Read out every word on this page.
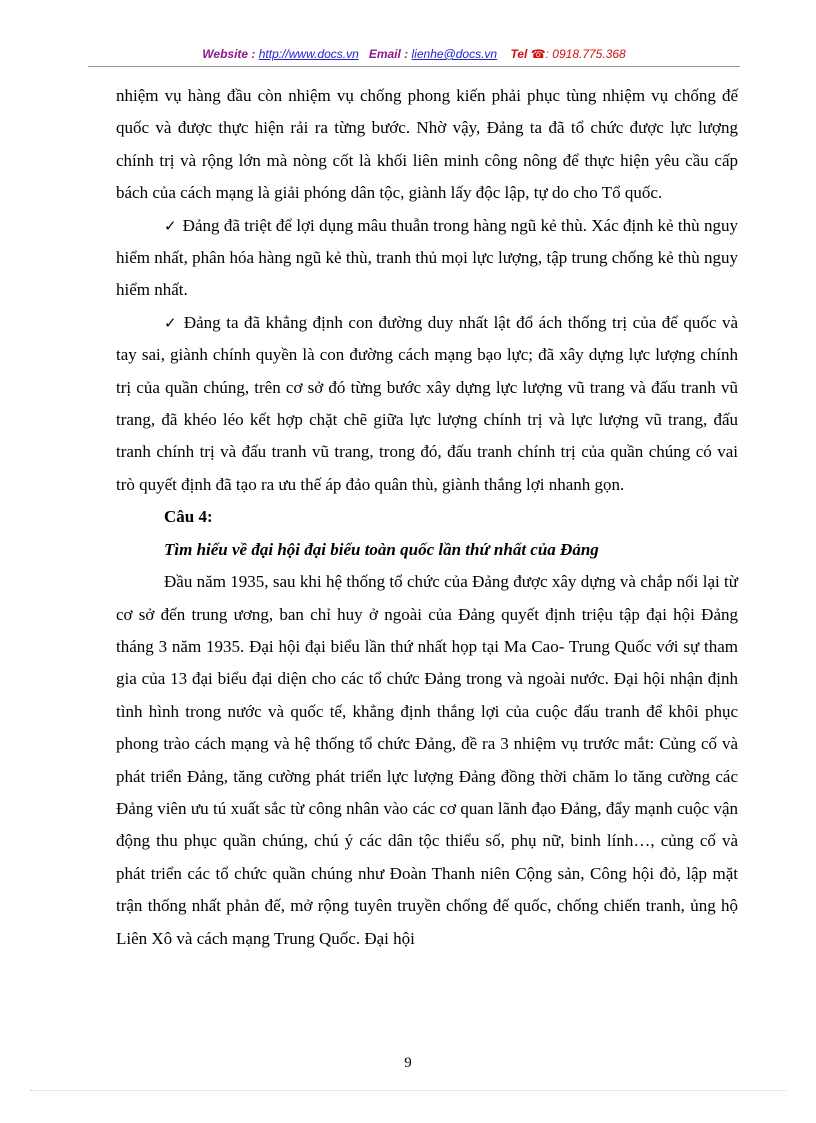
Website : http://www.docs.vn Email : lienhe@docs.vn Tel ☎: 0918.775.368

nhiệm vụ hàng đầu còn nhiệm vụ chống phong kiến phải phục tùng nhiệm vụ chống đế quốc và được thực hiện rải ra từng bước. Nhờ vậy, Đảng ta đã tổ chức được lực lượng chính trị và rộng lớn mà nòng cốt là khối liên minh công nông để thực hiện yêu cầu cấp bách của cách mạng là giải phóng dân tộc, giành lấy độc lập, tự do cho Tổ quốc.

✓ Đảng đã triệt để lợi dụng mâu thuẫn trong hàng ngũ kẻ thù. Xác định kẻ thù nguy hiểm nhất, phân hóa hàng ngũ kẻ thù, tranh thủ mọi lực lượng, tập trung chống kẻ thù nguy hiểm nhất.

✓ Đảng ta đã khẳng định con đường duy nhất lật đổ ách thống trị của đế quốc và tay sai, giành chính quyền là con đường cách mạng bạo lực; đã xây dựng lực lượng chính trị của quần chúng, trên cơ sở đó từng bước xây dựng lực lượng vũ trang và đấu tranh vũ trang, đã khéo léo kết hợp chặt chẽ giữa lực lượng chính trị và lực lượng vũ trang, đấu tranh chính trị và đấu tranh vũ trang, trong đó, đấu tranh chính trị của quần chúng có vai trò quyết định đã tạo ra ưu thế áp đảo quân thù, giành thắng lợi nhanh gọn.

Câu 4:

Tìm hiểu về đại hội đại biểu toàn quốc lần thứ nhất của Đảng

Đầu năm 1935, sau khi hệ thống tổ chức của Đảng được xây dựng và chắp nối lại từ cơ sở đến trung ương, ban chỉ huy ở ngoài của Đảng quyết định triệu tập đại hội Đảng tháng 3 năm 1935. Đại hội đại biểu lần thứ nhất họp tại Ma Cao- Trung Quốc với sự tham gia của 13 đại biểu đại diện cho các tổ chức Đảng trong và ngoài nước. Đại hội nhận định tình hình trong nước và quốc tế, khẳng định thắng lợi của cuộc đấu tranh để khôi phục phong trào cách mạng và hệ thống tổ chức Đảng, đề ra 3 nhiệm vụ trước mắt: Củng cố và phát triển Đảng, tăng cường phát triển lực lượng Đảng đồng thời chăm lo tăng cường các Đảng viên ưu tú xuất sắc từ công nhân vào các cơ quan lãnh đạo Đảng, đẩy mạnh cuộc vận động thu phục quần chúng, chú ý các dân tộc thiểu số, phụ nữ, binh lính…, củng cố và phát triển các tổ chức quần chúng như Đoàn Thanh niên Cộng sản, Công hội đỏ, lập mặt trận thống nhất phản đế, mở rộng tuyên truyền chống đế quốc, chống chiến tranh, ủng hộ Liên Xô và cách mạng Trung Quốc. Đại hội

9
